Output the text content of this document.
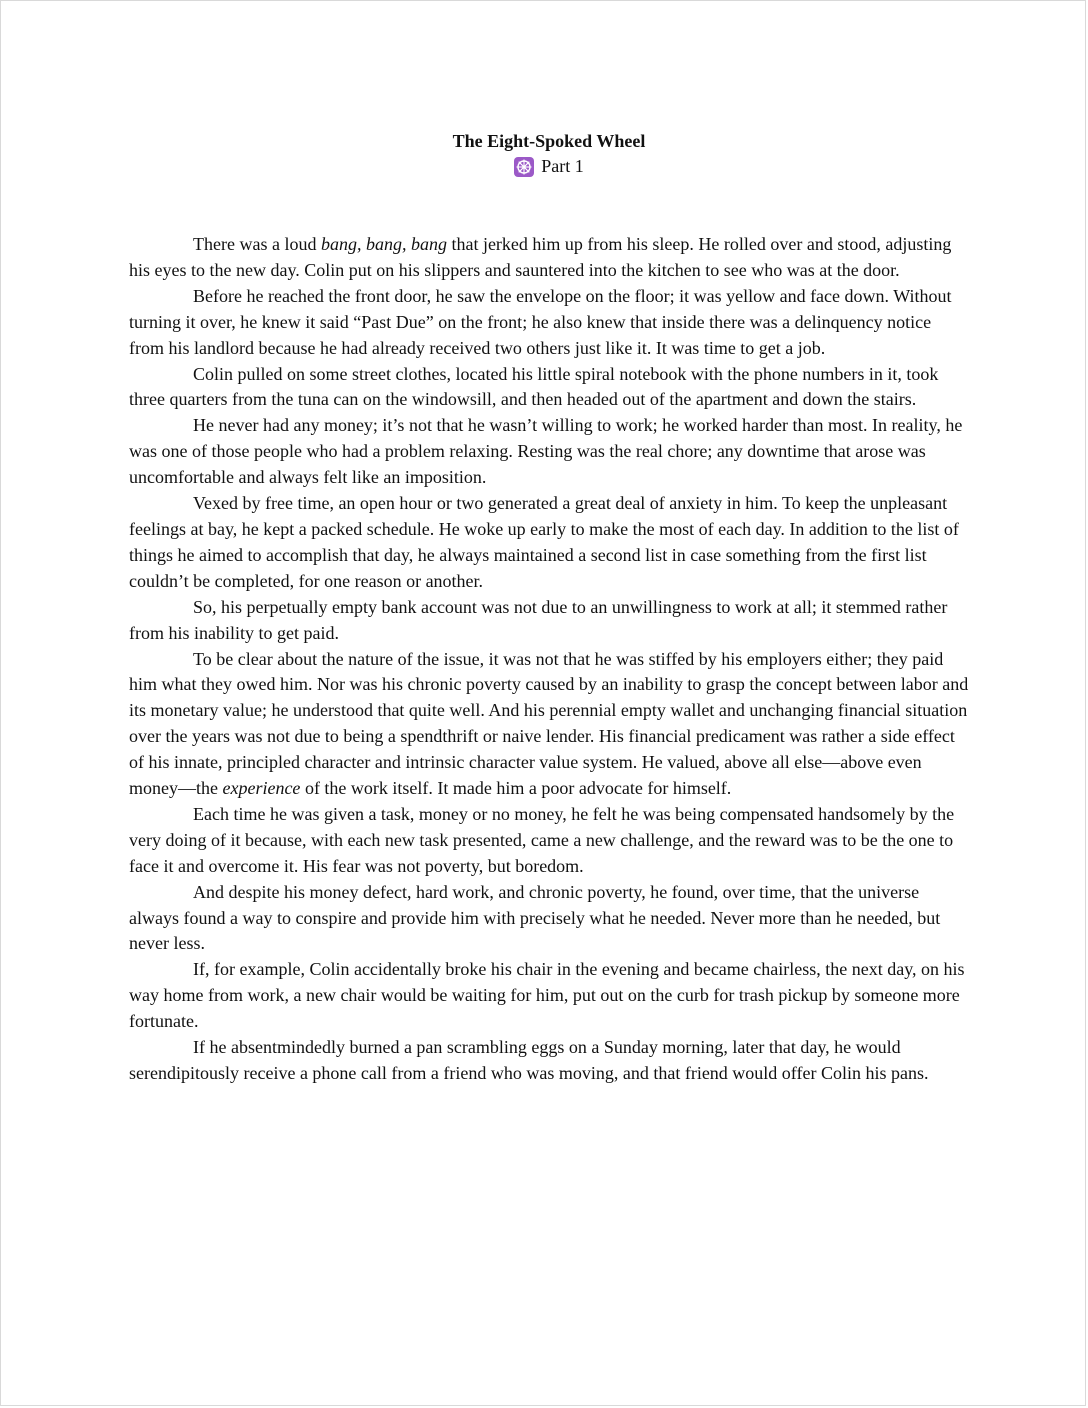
The Eight-Spoked Wheel

Part 1

There was a loud bang, bang, bang that jerked him up from his sleep. He rolled over and stood, adjusting his eyes to the new day. Colin put on his slippers and sauntered into the kitchen to see who was at the door.

Before he reached the front door, he saw the envelope on the floor; it was yellow and face down. Without turning it over, he knew it said “Past Due” on the front; he also knew that inside there was a delinquency notice from his landlord because he had already received two others just like it. It was time to get a job.

Colin pulled on some street clothes, located his little spiral notebook with the phone numbers in it, took three quarters from the tuna can on the windowsill, and then headed out of the apartment and down the stairs.

He never had any money; it’s not that he wasn’t willing to work; he worked harder than most. In reality, he was one of those people who had a problem relaxing. Resting was the real chore; any downtime that arose was uncomfortable and always felt like an imposition.

Vexed by free time, an open hour or two generated a great deal of anxiety in him. To keep the unpleasant feelings at bay, he kept a packed schedule. He woke up early to make the most of each day. In addition to the list of things he aimed to accomplish that day, he always maintained a second list in case something from the first list couldn’t be completed, for one reason or another.

So, his perpetually empty bank account was not due to an unwillingness to work at all; it stemmed rather from his inability to get paid.

To be clear about the nature of the issue, it was not that he was stiffed by his employers either; they paid him what they owed him. Nor was his chronic poverty caused by an inability to grasp the concept between labor and its monetary value; he understood that quite well. And his perennial empty wallet and unchanging financial situation over the years was not due to being a spendthrift or naive lender. His financial predicament was rather a side effect of his innate, principled character and intrinsic character value system. He valued, above all else—above even money—the experience of the work itself. It made him a poor advocate for himself.

Each time he was given a task, money or no money, he felt he was being compensated handsomely by the very doing of it because, with each new task presented, came a new challenge, and the reward was to be the one to face it and overcome it. His fear was not poverty, but boredom.

And despite his money defect, hard work, and chronic poverty, he found, over time, that the universe always found a way to conspire and provide him with precisely what he needed. Never more than he needed, but never less.

If, for example, Colin accidentally broke his chair in the evening and became chairless, the next day, on his way home from work, a new chair would be waiting for him, put out on the curb for trash pickup by someone more fortunate.

If he absentmindedly burned a pan scrambling eggs on a Sunday morning, later that day, he would serendipitously receive a phone call from a friend who was moving, and that friend would offer Colin his pans.
